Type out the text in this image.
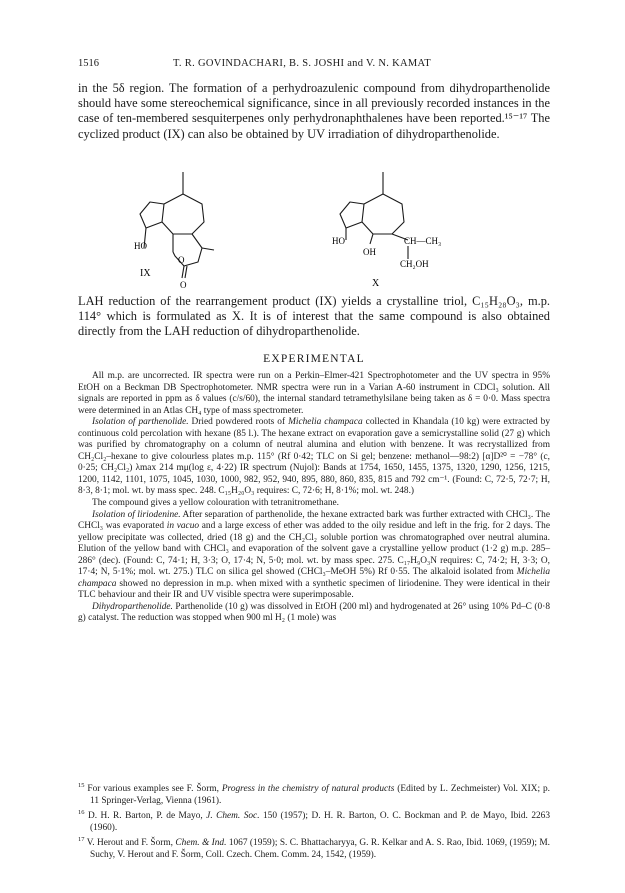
1516	T. R. GOVINDACHARI, B. S. JOSHI and V. N. KAMAT

in the 5δ region. The formation of a perhydroazulenic compound from dihydroparthenolide should have some stereochemical significance, since in all previously recorded instances in the case of ten-membered sesquiterpenes only perhydronaphthalenes have been reported.¹⁵⁻¹⁷ The cyclized product (IX) can also be obtained by UV irradiation of dihydroparthenolide.

HO
O
O
IX
HO
OH
CH—CH₃
CH₂OH
X

LAH reduction of the rearrangement product (IX) yields a crystalline triol, C₁₅H₂₈O₃, m.p. 114° which is formulated as X. It is of interest that the same compound is also obtained directly from the LAH reduction of dihydroparthenolide.

EXPERIMENTAL

All m.p. are uncorrected. IR spectra were run on a Perkin–Elmer-421 Spectrophotometer and the UV spectra in 95% EtOH on a Beckman DB Spectrophotometer. NMR spectra were run in a Varian A-60 instrument in CDCl₃ solution. All signals are reported in ppm as δ values (c/s/60), the internal standard tetramethylsilane being taken as δ = 0·0. Mass spectra were determined in an Atlas CH₄ type of mass spectrometer.

Isolation of parthenolide. Dried powdered roots of Michelia champaca collected in Khandala (10 kg) were extracted by continuous cold percolation with hexane (85 l.). The hexane extract on evaporation gave a semicrystalline solid (27 g) which was purified by chromatography on a column of neutral alumina and elution with benzene. It was recrystallized from CH₂Cl₂–hexane to give colourless plates m.p. 115° (Rf 0·42; TLC on Si gel; benzene: methanol—98:2) [α]D²⁰ = −78° (c, 0·25; CH₂Cl₂) λmax 214 mμ(log ε, 4·22) IR spectrum (Nujol): Bands at 1754, 1650, 1455, 1375, 1320, 1290, 1256, 1215, 1200, 1142, 1101, 1075, 1045, 1030, 1000, 982, 952, 940, 895, 880, 860, 835, 815 and 792 cm⁻¹. (Found: C, 72·5, 72·7; H, 8·3, 8·1; mol. wt. by mass spec. 248. C₁₅H₂₀O₃ requires: C, 72·6; H, 8·1%; mol. wt. 248.)

The compound gives a yellow colouration with tetranitromethane.

Isolation of liriodenine. After separation of parthenolide, the hexane extracted bark was further extracted with CHCl₃. The CHCl₃ was evaporated in vacuo and a large excess of ether was added to the oily residue and left in the frig. for 2 days. The yellow precipitate was collected, dried (18 g) and the CH₂Cl₂ soluble portion was chromatographed over neutral alumina. Elution of the yellow band with CHCl₃ and evaporation of the solvent gave a crystalline yellow product (1·2 g) m.p. 285–286° (dec). (Found: C, 74·1; H, 3·3; O, 17·4; N, 5·0; mol. wt. by mass spec. 275. C₁₇H₉O₃N requires: C, 74·2; H, 3·3; O, 17·4; N, 5·1%; mol. wt. 275.) TLC on silica gel showed (CHCl₃–MeOH 5%) Rf 0·55. The alkaloid isolated from Michelia champaca showed no depression in m.p. when mixed with a synthetic specimen of liriodenine. They were identical in their TLC behaviour and their IR and UV visible spectra were superimposable.

Dihydroparthenolide. Parthenolide (10 g) was dissolved in EtOH (200 ml) and hydrogenated at 26° using 10% Pd–C (0·8 g) catalyst. The reduction was stopped when 900 ml H₂ (1 mole) was

$^{15}$ For various examples see F. Šorm, Progress in the chemistry of natural products (Edited by L. Zechmeister) Vol. XIX; p. 11 Springer-Verlag, Vienna (1961).

$^{16}$ D. H. R. Barton, P. de Mayo, J. Chem. Soc. 150 (1957); D. H. R. Barton, O. C. Bockman and P. de Mayo, Ibid. 2263 (1960).

$^{17}$ V. Herout and F. Šorm, Chem. & Ind. 1067 (1959); S. C. Bhattacharyya, G. R. Kelkar and A. S. Rao, Ibid. 1069, (1959); M. Suchy, V. Herout and F. Šorm, Coll. Czech. Chem. Comm. 24, 1542, (1959).
